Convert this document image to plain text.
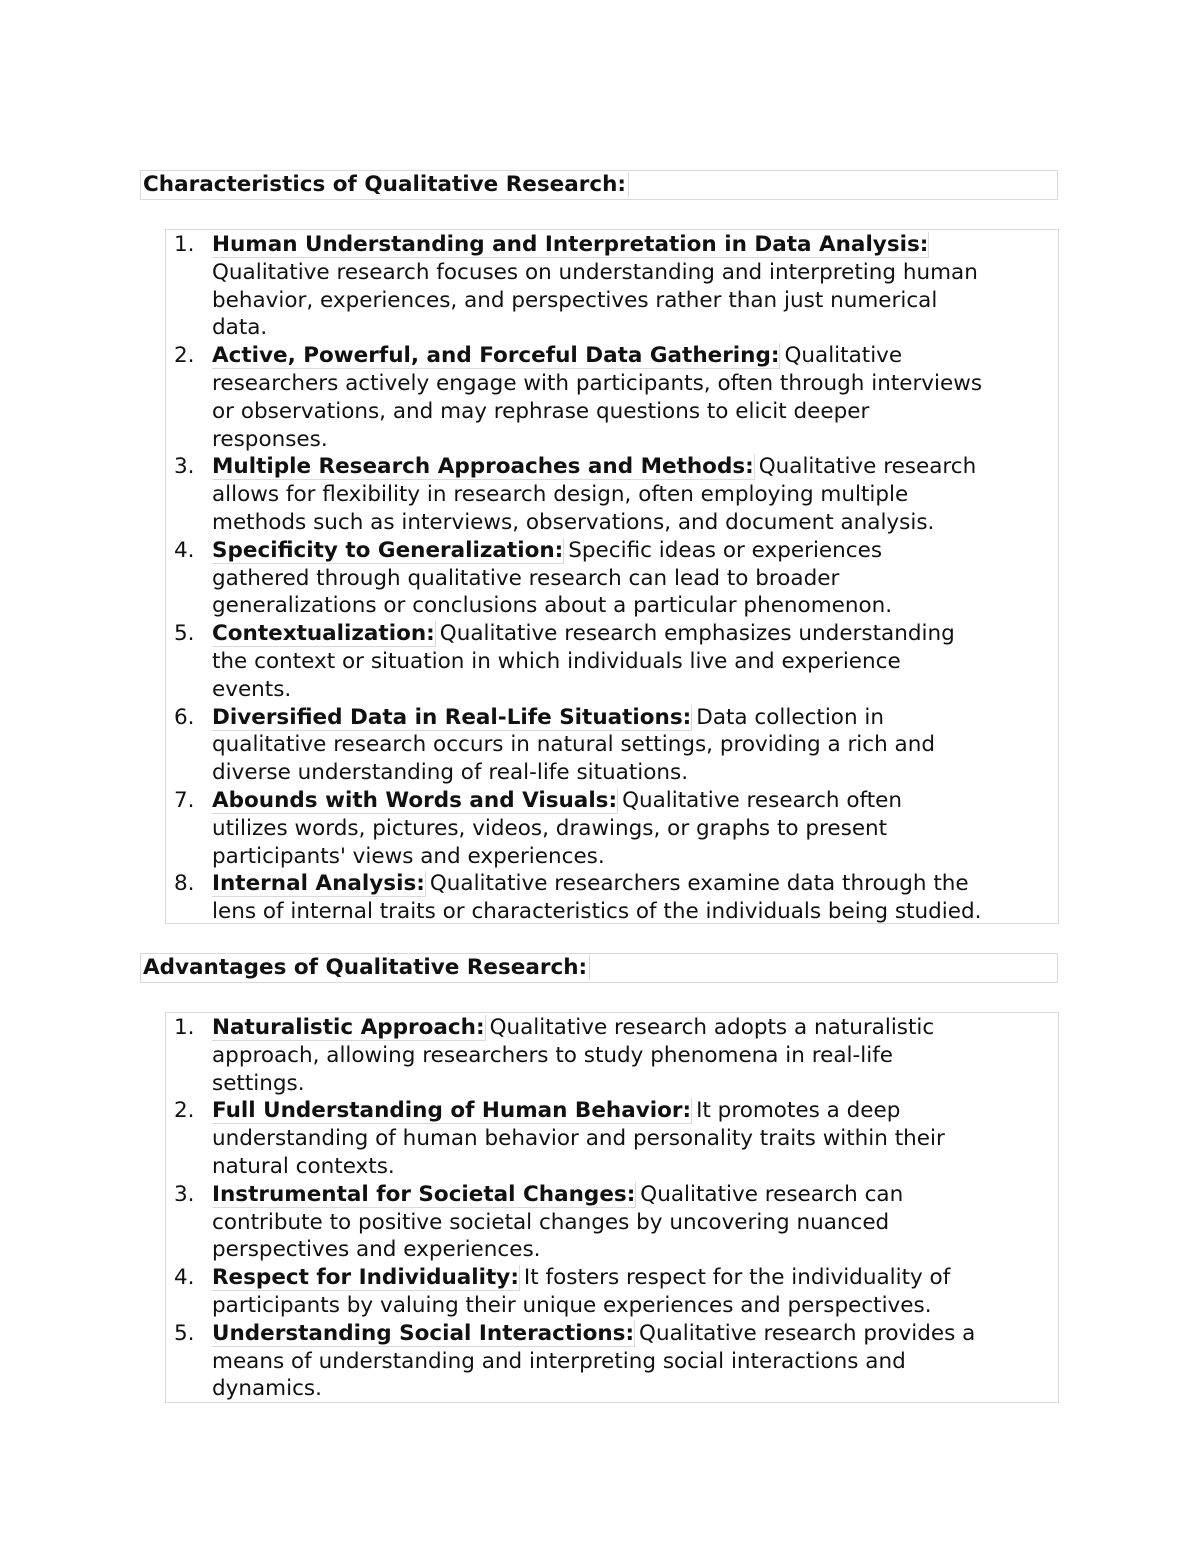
Characteristics of Qualitative Research:
1. Human Understanding and Interpretation in Data Analysis:
Qualitative research focuses on understanding and interpreting human
behavior, experiences, and perspectives rather than just numerical
data.
2. Active, Powerful, and Forceful Data Gathering: Qualitative
researchers actively engage with participants, often through interviews
or observations, and may rephrase questions to elicit deeper
responses.
3. Multiple Research Approaches and Methods: Qualitative research
allows for flexibility in research design, often employing multiple
methods such as interviews, observations, and document analysis.
4. Specificity to Generalization: Specific ideas or experiences
gathered through qualitative research can lead to broader
generalizations or conclusions about a particular phenomenon.
5. Contextualization: Qualitative research emphasizes understanding
the context or situation in which individuals live and experience
events.
6. Diversified Data in Real-Life Situations: Data collection in
qualitative research occurs in natural settings, providing a rich and
diverse understanding of real-life situations.
7. Abounds with Words and Visuals: Qualitative research often
utilizes words, pictures, videos, drawings, or graphs to present
participants' views and experiences.
8. Internal Analysis: Qualitative researchers examine data through the
lens of internal traits or characteristics of the individuals being studied.
Advantages of Qualitative Research:
1. Naturalistic Approach: Qualitative research adopts a naturalistic
approach, allowing researchers to study phenomena in real-life
settings.
2. Full Understanding of Human Behavior: It promotes a deep
understanding of human behavior and personality traits within their
natural contexts.
3. Instrumental for Societal Changes: Qualitative research can
contribute to positive societal changes by uncovering nuanced
perspectives and experiences.
4. Respect for Individuality: It fosters respect for the individuality of
participants by valuing their unique experiences and perspectives.
5. Understanding Social Interactions: Qualitative research provides a
means of understanding and interpreting social interactions and
dynamics.
